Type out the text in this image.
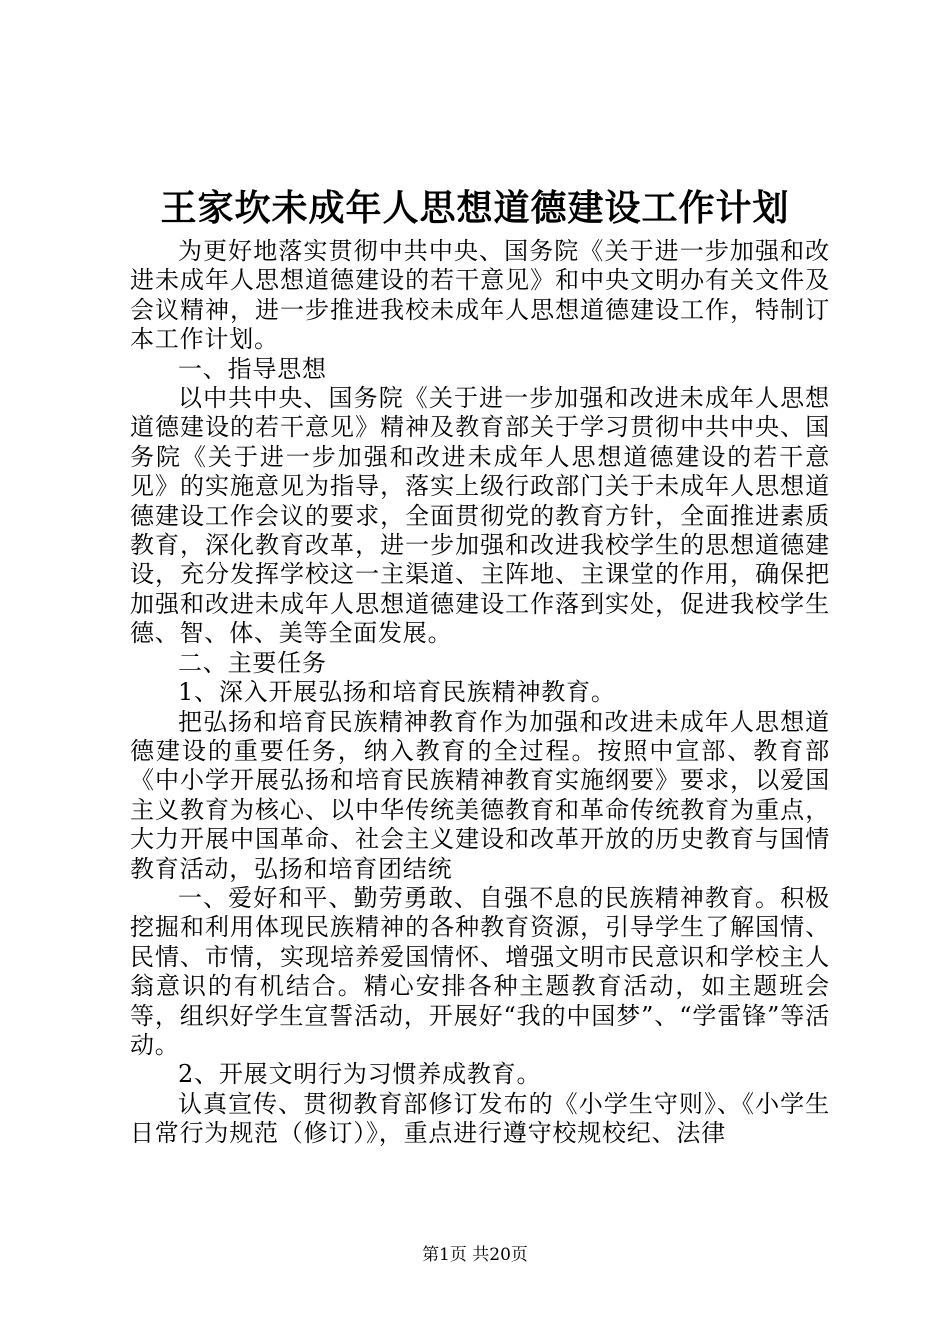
王家坎未成年人思想道德建设工作计划

为更好地落实贯彻中共中央、国务院《关于进一步加强和改进未成年人思想道德建设的若干意见》和中央文明办有关文件及会议精神，进一步推进我校未成年人思想道德建设工作，特制订本工作计划。

一、指导思想

以中共中央、国务院《关于进一步加强和改进未成年人思想道德建设的若干意见》精神及教育部关于学习贯彻中共中央、国务院《关于进一步加强和改进未成年人思想道德建设的若干意见》的实施意见为指导，落实上级行政部门关于未成年人思想道德建设工作会议的要求，全面贯彻党的教育方针，全面推进素质教育，深化教育改革，进一步加强和改进我校学生的思想道德建设，充分发挥学校这一主渠道、主阵地、主课堂的作用，确保把加强和改进未成年人思想道德建设工作落到实处，促进我校学生德、智、体、美等全面发展。

二、主要任务

1、深入开展弘扬和培育民族精神教育。

把弘扬和培育民族精神教育作为加强和改进未成年人思想道德建设的重要任务，纳入教育的全过程。按照中宣部、教育部《中小学开展弘扬和培育民族精神教育实施纲要》要求，以爱国主义教育为核心、以中华传统美德教育和革命传统教育为重点，大力开展中国革命、社会主义建设和改革开放的历史教育与国情教育活动，弘扬和培育团结统

一、爱好和平、勤劳勇敢、自强不息的民族精神教育。积极挖掘和利用体现民族精神的各种教育资源，引导学生了解国情、民情、市情，实现培养爱国情怀、增强文明市民意识和学校主人翁意识的有机结合。精心安排各种主题教育活动，如主题班会等，组织好学生宣誓活动，开展好“我的中国梦”、“学雷锋”等活动。

2、开展文明行为习惯养成教育。

认真宣传、贯彻教育部修订发布的《小学生守则》、《小学生日常行为规范（修订）》，重点进行遵守校规校纪、法律

第1页 共20页
